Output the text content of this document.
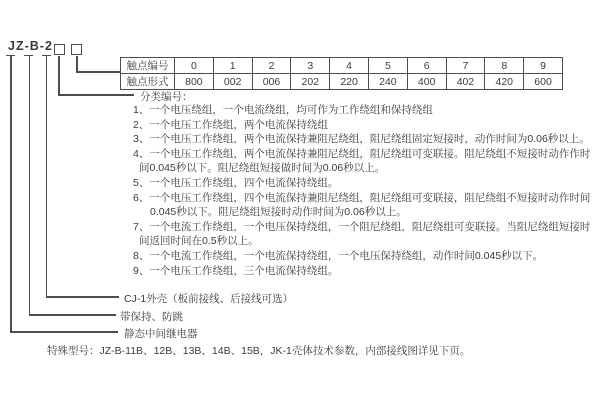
JZ-B-2
触点编号	0	1	2	3	4	5	6	7	8	9
触点形式	800	002	006	202	220	240	400	402	420	600
分类编号：
1、一个电压绕组，一个电流绕组，均可作为工作绕组和保持绕组
2、一个电压工作绕组，两个电流保持绕组
3、一个电压工作绕组，两个电流保持兼阻尼绕组，阻尼绕组固定短接时，动作时间为0.06秒以上。
4、一个电压工作绕组，两个电流保持兼阻尼绕组，阻尼绕组可变联接。阻尼绕组不短接时动作作时
间0.045秒以下。阻尼绕组短接做时间为0.06秒以上。
5、一个电压工作绕组，四个电流保持绕组。
6、一个电压工作绕组，四个电流保持兼阻尼绕组，阻尼绕组可变联接，阻尼绕组不短接时动作时间
0.045秒以下。阻尼绕组短接时动作时间为0.06秒以上。
7、一个电流工作绕组，一个电压保持绕组，一个阻尼绕组，阻尼绕组可变联接。当阻尼绕组短接时
间返回时间在0.5秒以上。
8、一个电流工作绕组，一个电流保持绕组，一个电压保持绕组，动作时间0.045秒以下。
9、一个电压工作绕组，三个电流保持绕组。
CJ-1外壳（板前接线、后接线可选）
带保持、防跳
静态中间继电器
特殊型号：JZ-B-11B、12B、13B、14B、15B，JK-1壳体技术参数，内部接线图详见下页。
